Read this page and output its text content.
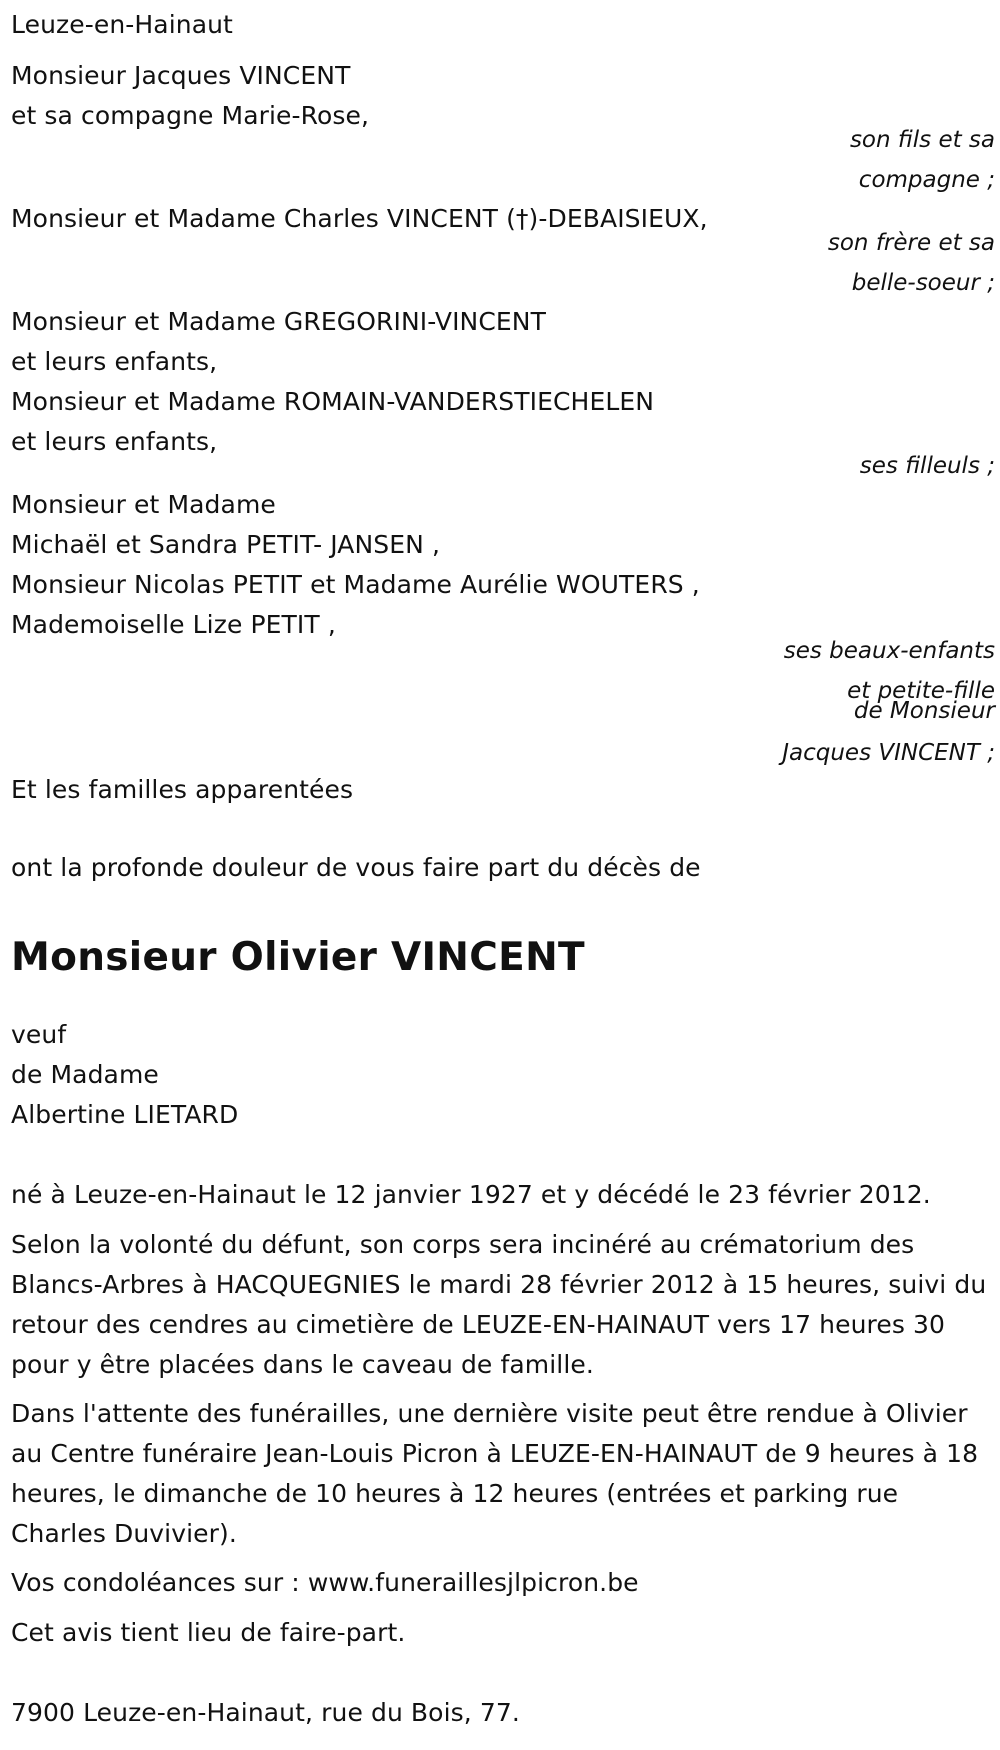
Leuze-en-Hainaut
Monsieur Jacques VINCENT
et sa compagne Marie-Rose,
son fils et sa
compagne ;
Monsieur et Madame Charles VINCENT (†)-DEBAISIEUX,
son frère et sa
belle-soeur ;
Monsieur et Madame GREGORINI-VINCENT
et leurs enfants,
Monsieur et Madame ROMAIN-VANDERSTIECHELEN
et leurs enfants,
ses filleuls ;
Monsieur et Madame
Michaël et Sandra PETIT- JANSEN ,
Monsieur Nicolas PETIT et Madame Aurélie WOUTERS ,
Mademoiselle Lize PETIT ,
ses beaux-enfants
et petite-fille
de Monsieur
Jacques VINCENT ;
Et les familles apparentées
ont la profonde douleur de vous faire part du décès de
Monsieur Olivier VINCENT
veuf
de Madame
Albertine LIETARD
né à Leuze-en-Hainaut le 12 janvier 1927 et y décédé le 23 février 2012.
Selon la volonté du défunt, son corps sera incinéré au crématorium des Blancs-Arbres à HACQUEGNIES le mardi 28 février 2012 à 15 heures, suivi du retour des cendres au cimetière de LEUZE-EN-HAINAUT vers 17 heures 30 pour y être placées dans le caveau de famille.
Dans l'attente des funérailles, une dernière visite peut être rendue à Olivier au Centre funéraire Jean-Louis Picron à LEUZE-EN-HAINAUT de 9 heures à 18 heures, le dimanche de 10 heures à 12 heures (entrées et parking rue Charles Duvivier).
Vos condoléances sur : www.funeraillesjlpicron.be
Cet avis tient lieu de faire-part.
7900 Leuze-en-Hainaut, rue du Bois, 77.
